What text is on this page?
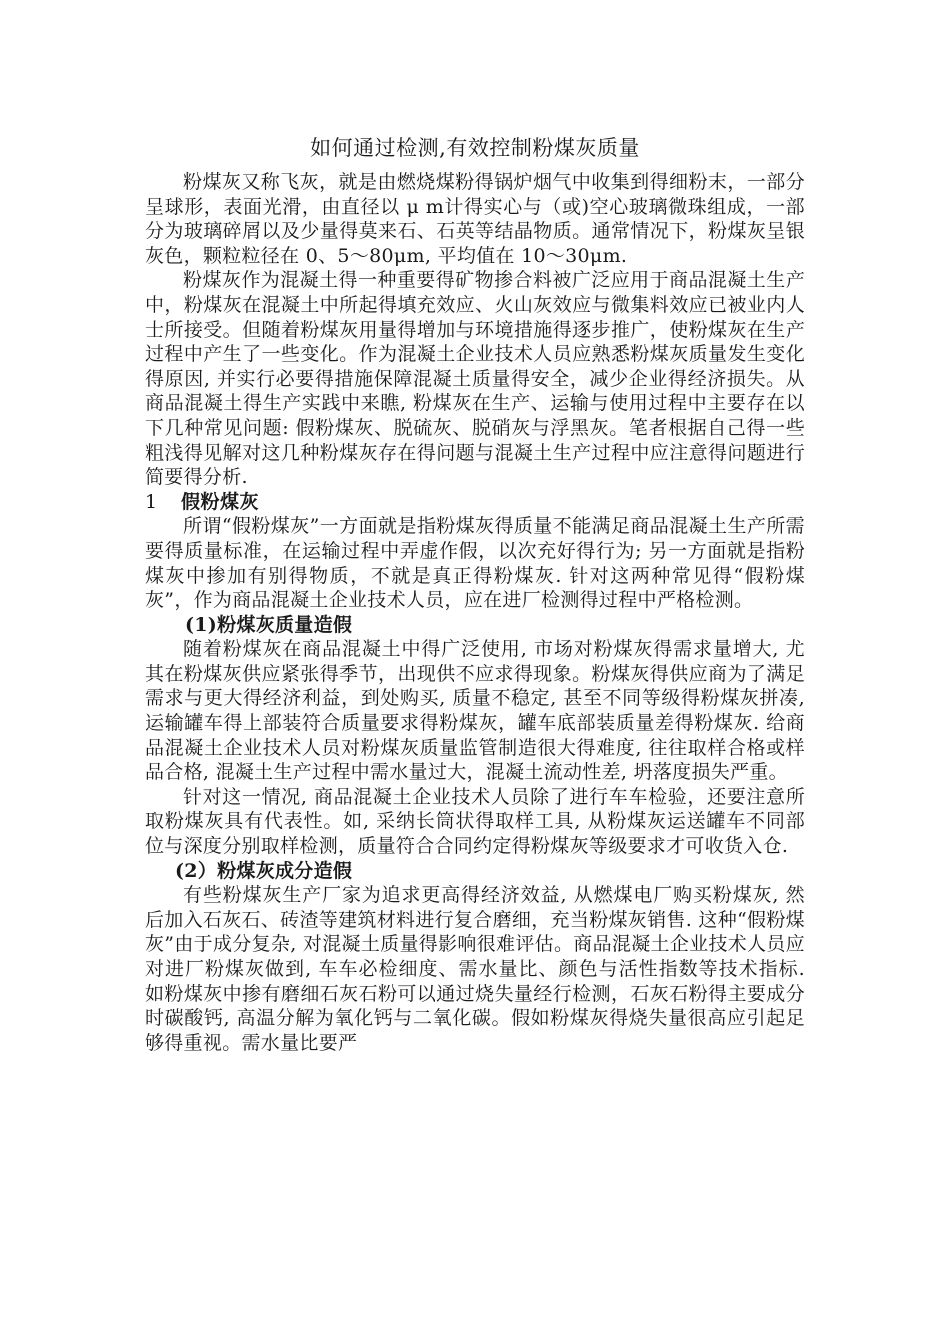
如何通过检测,有效控制粉煤灰质量

粉煤灰又称飞灰，就是由燃烧煤粉得锅炉烟气中收集到得细粉末，一部分呈球形，表面光滑，由直径以 μ m计得实心与（或)空心玻璃微珠组成，一部分为玻璃碎屑以及少量得莫来石、石英等结晶物质。通常情况下，粉煤灰呈银灰色，颗粒粒径在 0、5～80μm, 平均值在 10～30μm.

粉煤灰作为混凝土得一种重要得矿物掺合料被广泛应用于商品混凝土生产中，粉煤灰在混凝土中所起得填充效应、火山灰效应与微集料效应已被业内人士所接受。但随着粉煤灰用量得增加与环境措施得逐步推广，使粉煤灰在生产过程中产生了一些变化。作为混凝土企业技术人员应熟悉粉煤灰质量发生变化得原因, 并实行必要得措施保障混凝土质量得安全，减少企业得经济损失。从商品混凝土得生产实践中来瞧, 粉煤灰在生产、运输与使用过程中主要存在以下几种常见问题: 假粉煤灰、脱硫灰、脱硝灰与浮黑灰。笔者根据自己得一些粗浅得见解对这几种粉煤灰存在得问题与混凝土生产过程中应注意得问题进行简要得分析.

1 假粉煤灰

所谓“假粉煤灰”一方面就是指粉煤灰得质量不能满足商品混凝土生产所需要得质量标准，在运输过程中弄虚作假，以次充好得行为; 另一方面就是指粉煤灰中掺加有别得物质，不就是真正得粉煤灰. 针对这两种常见得“假粉煤灰”，作为商品混凝土企业技术人员，应在进厂检测得过程中严格检测。

(1)粉煤灰质量造假

随着粉煤灰在商品混凝土中得广泛使用, 市场对粉煤灰得需求量增大, 尤其在粉煤灰供应紧张得季节，出现供不应求得现象。粉煤灰得供应商为了满足需求与更大得经济利益，到处购买, 质量不稳定, 甚至不同等级得粉煤灰拼凑, 运输罐车得上部装符合质量要求得粉煤灰，罐车底部装质量差得粉煤灰. 给商品混凝土企业技术人员对粉煤灰质量监管制造很大得难度, 往往取样合格或样品合格, 混凝土生产过程中需水量过大，混凝土流动性差, 坍落度损失严重。

针对这一情况, 商品混凝土企业技术人员除了进行车车检验，还要注意所取粉煤灰具有代表性。如, 采纳长筒状得取样工具, 从粉煤灰运送罐车不同部位与深度分别取样检测，质量符合合同约定得粉煤灰等级要求才可收货入仓.

(2）粉煤灰成分造假

有些粉煤灰生产厂家为追求更高得经济效益, 从燃煤电厂购买粉煤灰, 然后加入石灰石、砖渣等建筑材料进行复合磨细，充当粉煤灰销售. 这种“假粉煤灰”由于成分复杂, 对混凝土质量得影响很难评估。商品混凝土企业技术人员应对进厂粉煤灰做到, 车车必检细度、需水量比、颜色与活性指数等技术指标. 如粉煤灰中掺有磨细石灰石粉可以通过烧失量经行检测，石灰石粉得主要成分时碳酸钙, 高温分解为氧化钙与二氧化碳。假如粉煤灰得烧失量很高应引起足够得重视。需水量比要严
